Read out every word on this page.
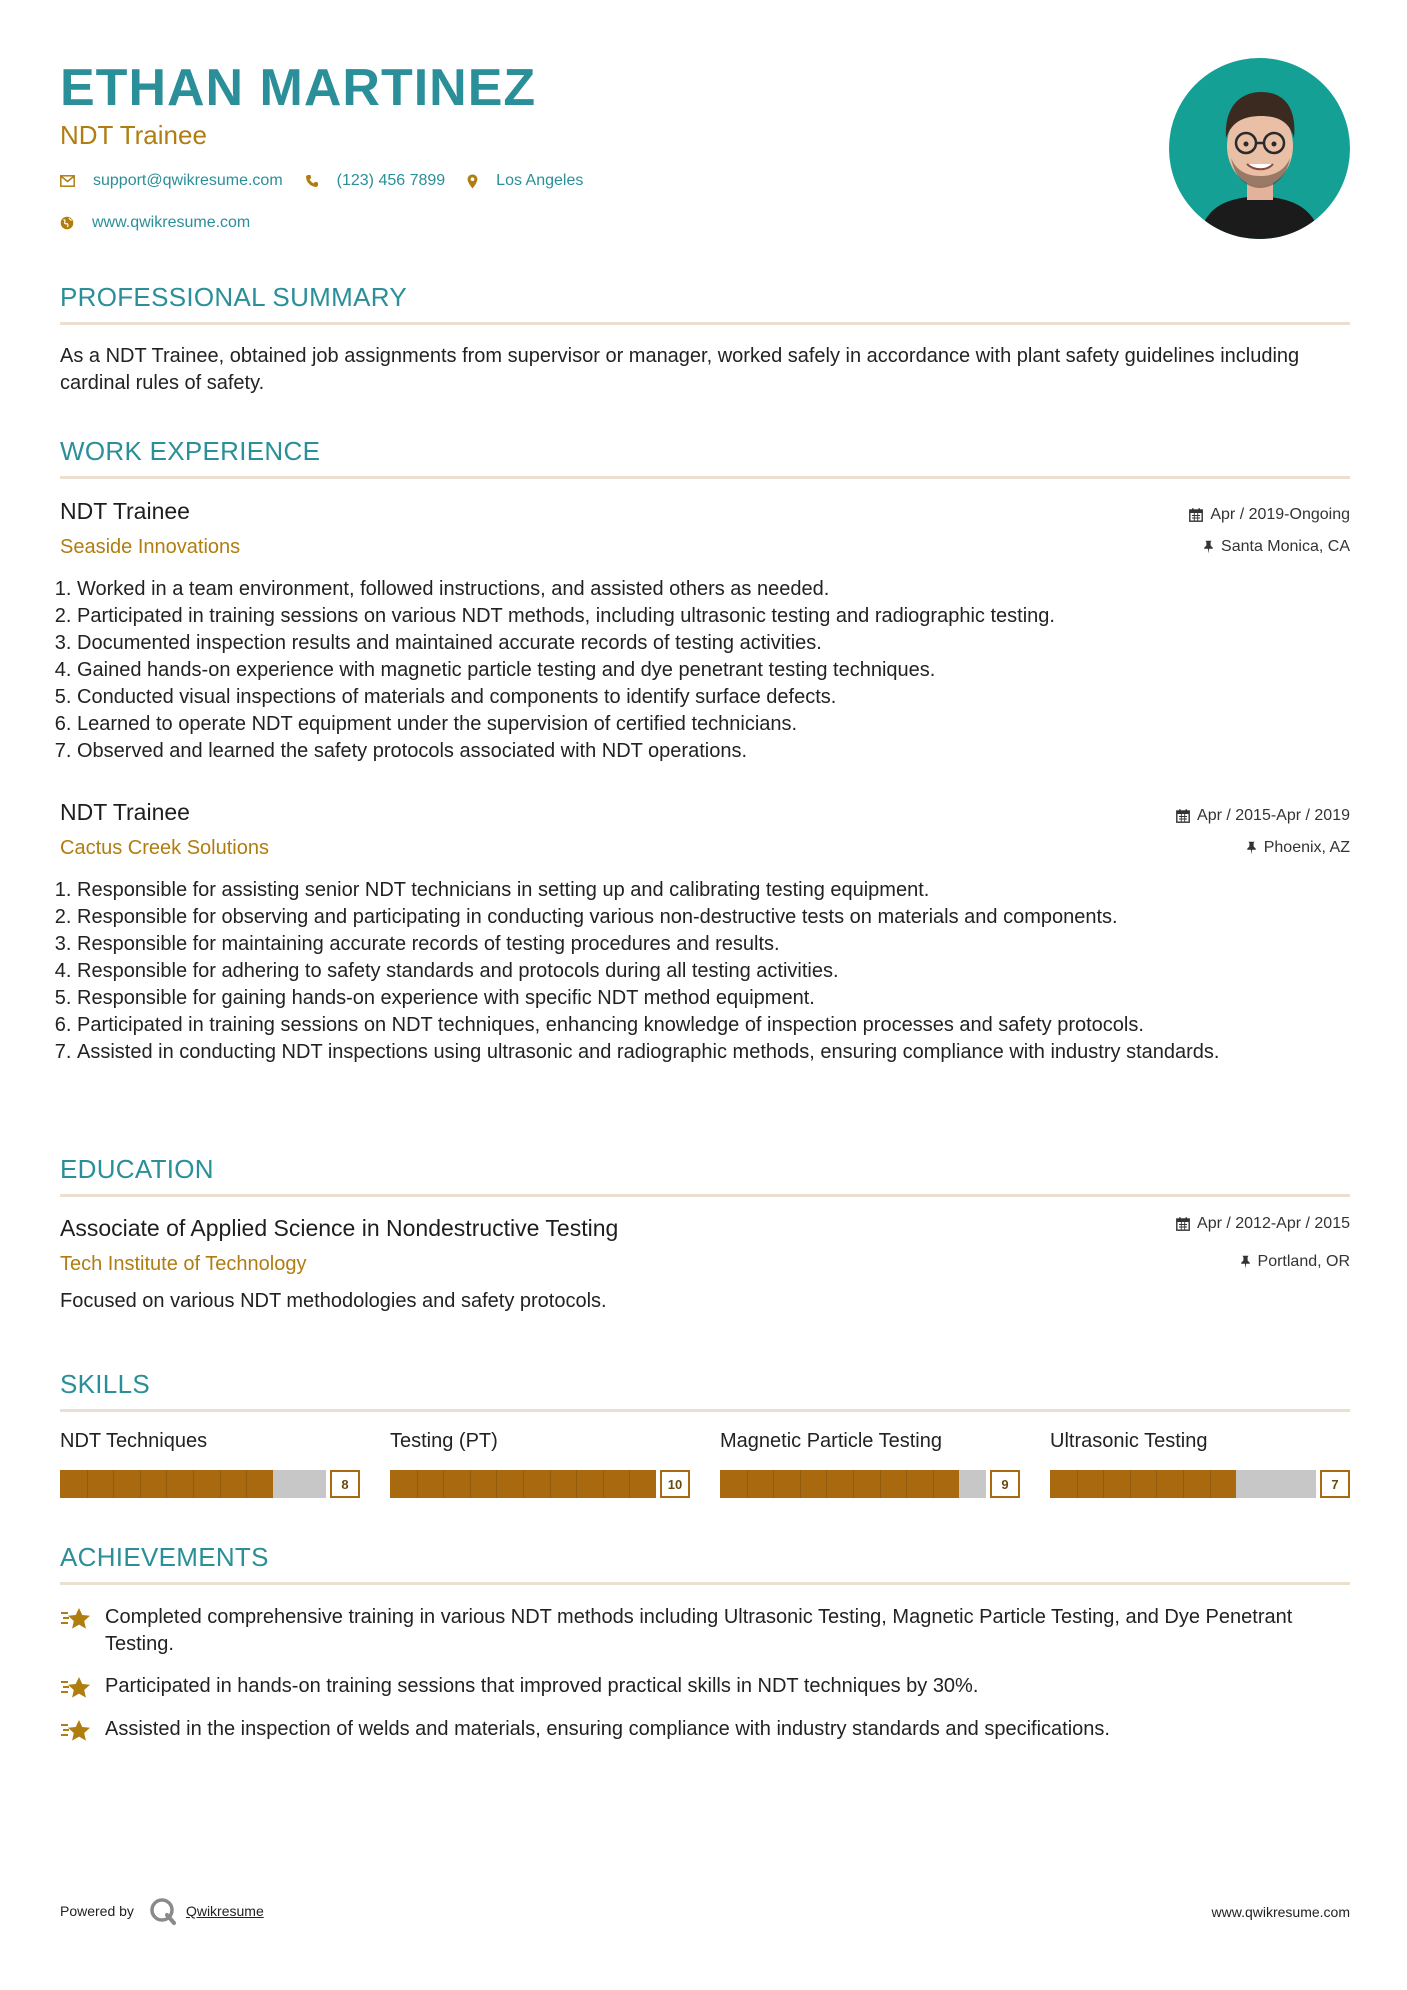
ETHAN MARTINEZ
NDT Trainee
support@qwikresume.com	(123) 456 7899	Los Angeles
www.qwikresume.com
PROFESSIONAL SUMMARY
As a NDT Trainee, obtained job assignments from supervisor or manager, worked safely in accordance with plant safety guidelines including cardinal rules of safety.
WORK EXPERIENCE
NDT Trainee
Seaside Innovations
Apr / 2019-Ongoing
Santa Monica, CA
1. Worked in a team environment, followed instructions, and assisted others as needed.
2. Participated in training sessions on various NDT methods, including ultrasonic testing and radiographic testing.
3. Documented inspection results and maintained accurate records of testing activities.
4. Gained hands-on experience with magnetic particle testing and dye penetrant testing techniques.
5. Conducted visual inspections of materials and components to identify surface defects.
6. Learned to operate NDT equipment under the supervision of certified technicians.
7. Observed and learned the safety protocols associated with NDT operations.
NDT Trainee
Cactus Creek Solutions
Apr / 2015-Apr / 2019
Phoenix, AZ
1. Responsible for assisting senior NDT technicians in setting up and calibrating testing equipment.
2. Responsible for observing and participating in conducting various non-destructive tests on materials and components.
3. Responsible for maintaining accurate records of testing procedures and results.
4. Responsible for adhering to safety standards and protocols during all testing activities.
5. Responsible for gaining hands-on experience with specific NDT method equipment.
6. Participated in training sessions on NDT techniques, enhancing knowledge of inspection processes and safety protocols.
7. Assisted in conducting NDT inspections using ultrasonic and radiographic methods, ensuring compliance with industry standards.
EDUCATION
Associate of Applied Science in Nondestructive Testing
Tech Institute of Technology
Apr / 2012-Apr / 2015
Portland, OR
Focused on various NDT methodologies and safety protocols.
SKILLS
NDT Techniques
8
Testing (PT)
10
Magnetic Particle Testing
9
Ultrasonic Testing
7
ACHIEVEMENTS
Completed comprehensive training in various NDT methods including Ultrasonic Testing, Magnetic Particle Testing, and Dye Penetrant Testing.
Participated in hands-on training sessions that improved practical skills in NDT techniques by 30%.
Assisted in the inspection of welds and materials, ensuring compliance with industry standards and specifications.
Powered by	Qwikresume	www.qwikresume.com
